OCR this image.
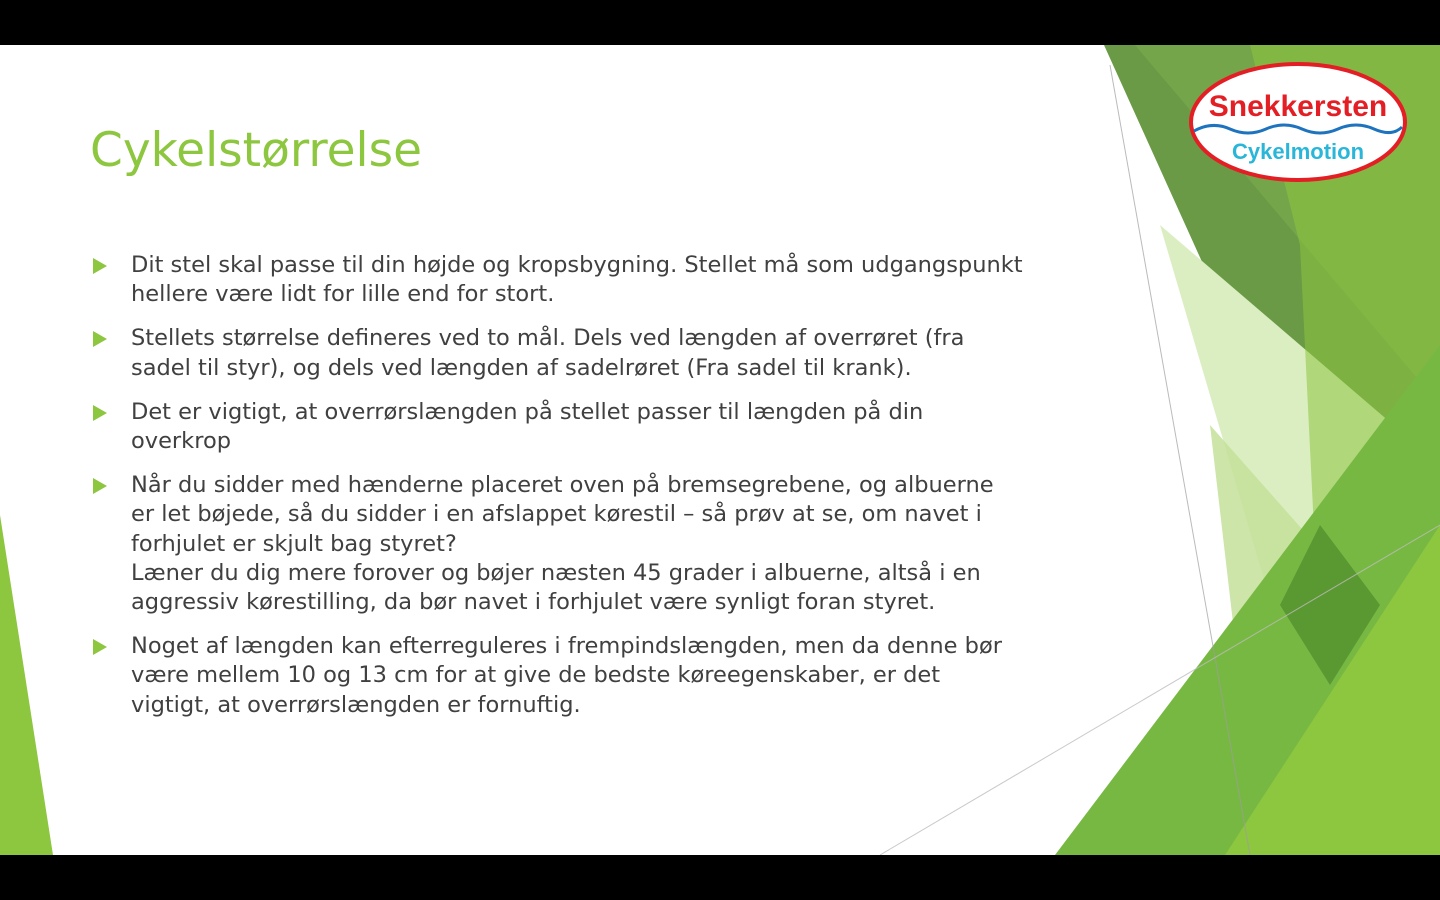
Cykelstørrelse
Dit stel skal passe til din højde og kropsbygning. Stellet må som udgangspunkt
hellere være lidt for lille end for stort.
Stellets størrelse defineres ved to mål. Dels ved længden af overrøret (fra
sadel til styr), og dels ved længden af sadelrøret (Fra sadel til krank).
Det er vigtigt, at overrørslængden på stellet passer til længden på din
overkrop
Når du sidder med hænderne placeret oven på bremsegrebene, og albuerne
er let bøjede, så du sidder i en afslappet kørestil – så prøv at se, om navet i
forhjulet er skjult bag styret?
Læner du dig mere forover og bøjer næsten 45 grader i albuerne, altså i en
aggressiv kørestilling, da bør navet i forhjulet være synligt foran styret.
Noget af længden kan efterreguleres i frempindslængden, men da denne bør
være mellem 10 og 13 cm for at give de bedste køreegenskaber, er det
vigtigt, at overrørslængden er fornuftig.
Snekkersten
Cykelmotion
